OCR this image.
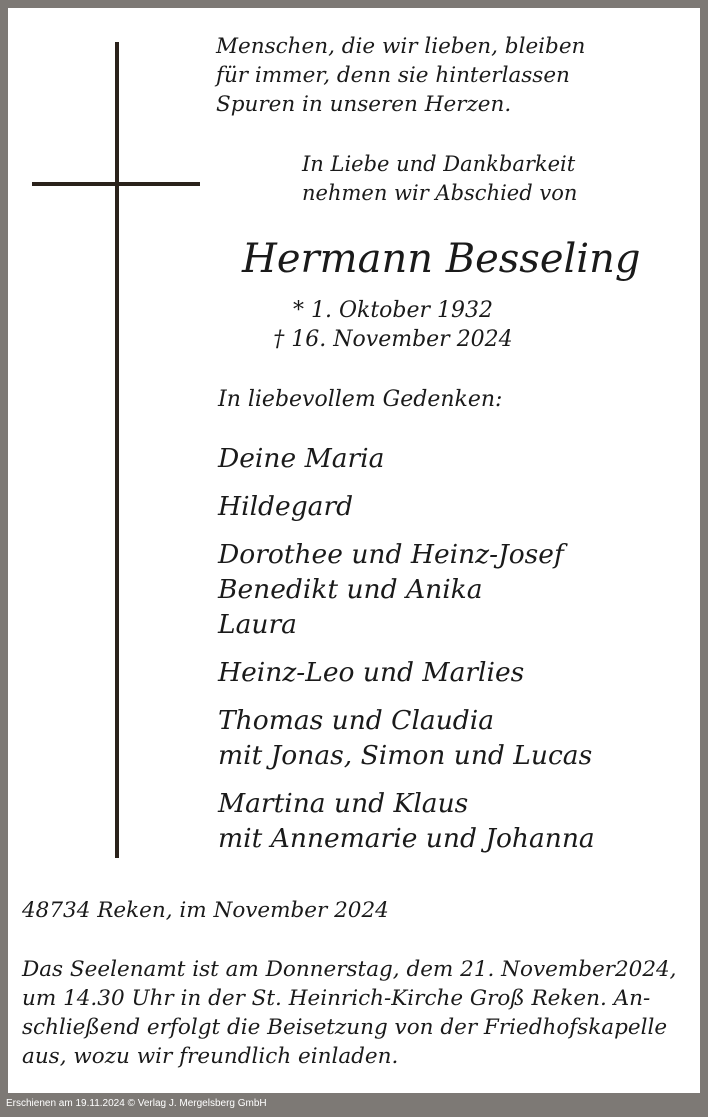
Menschen, die wir lieben, bleiben
für immer, denn sie hinterlassen
Spuren in unseren Herzen.
In Liebe und Dankbarkeit
nehmen wir Abschied von
Hermann Besseling
* 1. Oktober 1932
† 16. November 2024
In liebevollem Gedenken:
Deine Maria
Hildegard
Dorothee und Heinz-Josef
Benedikt und Anika
Laura
Heinz-Leo und Marlies
Thomas und Claudia
mit Jonas, Simon und Lucas
Martina und Klaus
mit Annemarie und Johanna
48734 Reken, im November 2024
Das Seelenamt ist am Donnerstag, dem 21. November2024,
um 14.30 Uhr in der St. Heinrich-Kirche Groß Reken. An-
schließend erfolgt die Beisetzung von der Friedhofskapelle
aus, wozu wir freundlich einladen.
Erschienen am 19.11.2024 © Verlag J. Mergelsberg GmbH
